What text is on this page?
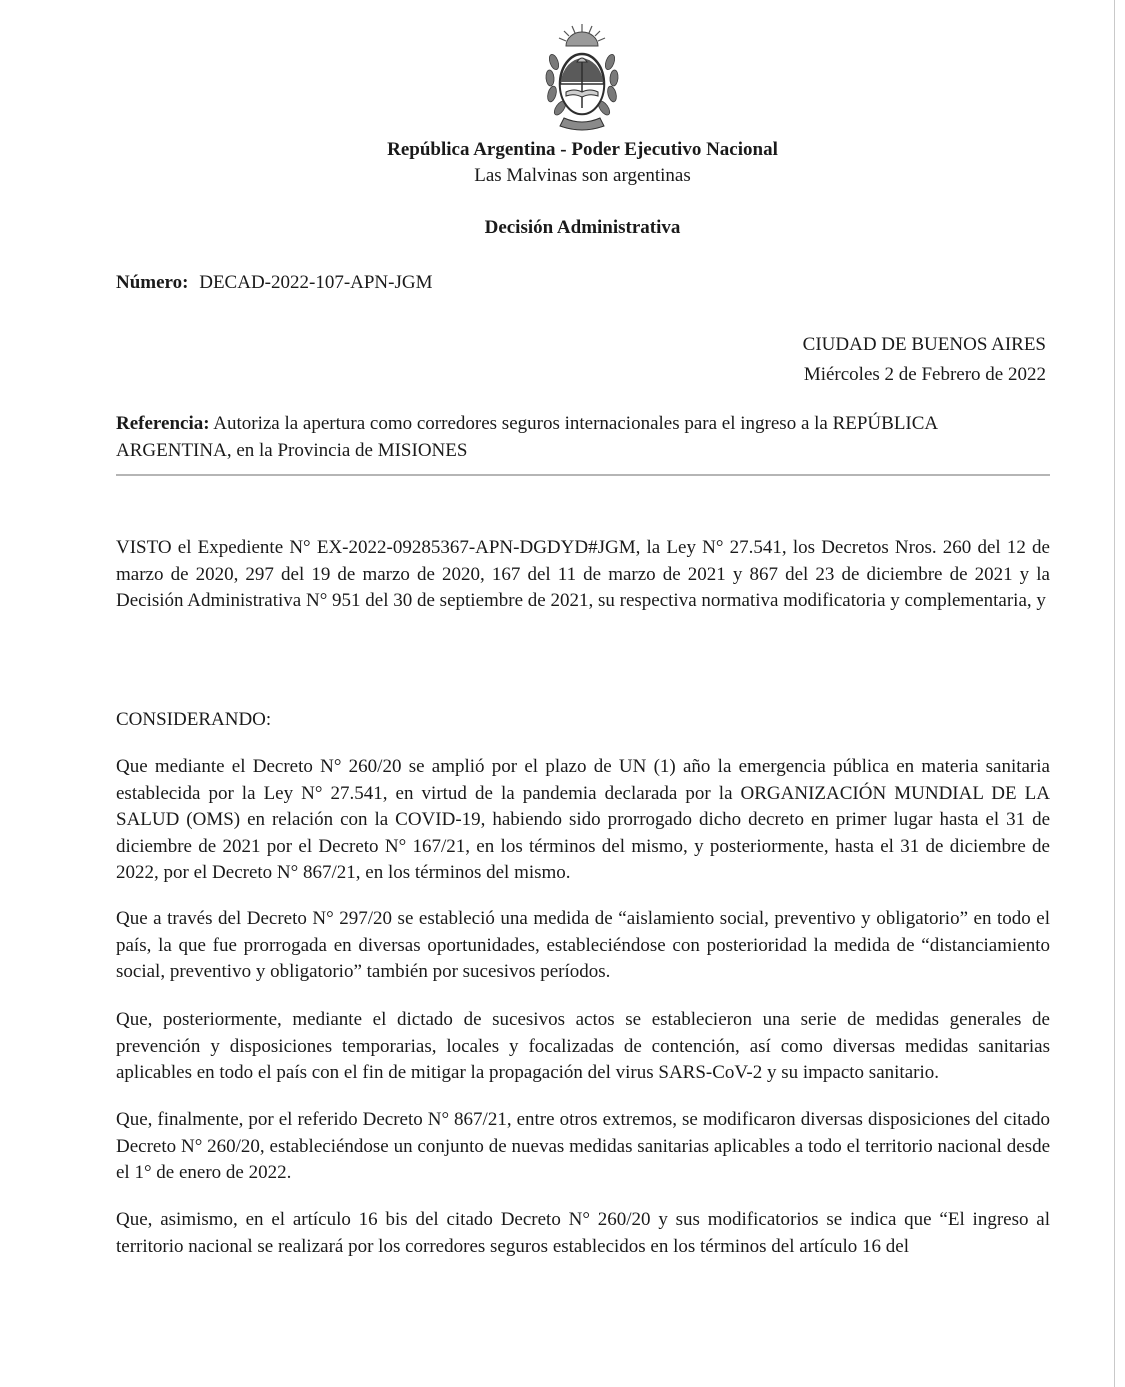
República Argentina - Poder Ejecutivo Nacional
Las Malvinas son argentinas
Decisión Administrativa
Número: DECAD-2022-107-APN-JGM
CIUDAD DE BUENOS AIRES
Miércoles 2 de Febrero de 2022
Referencia: Autoriza la apertura como corredores seguros internacionales para el ingreso a la REPÚBLICA ARGENTINA, en la Provincia de MISIONES
VISTO el Expediente N° EX-2022-09285367-APN-DGDYD#JGM, la Ley N° 27.541, los Decretos Nros. 260 del 12 de marzo de 2020, 297 del 19 de marzo de 2020, 167 del 11 de marzo de 2021 y 867 del 23 de diciembre de 2021 y la Decisión Administrativa N° 951 del 30 de septiembre de 2021, su respectiva normativa modificatoria y complementaria, y
CONSIDERANDO:
Que mediante el Decreto N° 260/20 se amplió por el plazo de UN (1) año la emergencia pública en materia sanitaria establecida por la Ley N° 27.541, en virtud de la pandemia declarada por la ORGANIZACIÓN MUNDIAL DE LA SALUD (OMS) en relación con la COVID-19, habiendo sido prorrogado dicho decreto en primer lugar hasta el 31 de diciembre de 2021 por el Decreto N° 167/21, en los términos del mismo, y posteriormente, hasta el 31 de diciembre de 2022, por el Decreto N° 867/21, en los términos del mismo.
Que a través del Decreto N° 297/20 se estableció una medida de “aislamiento social, preventivo y obligatorio” en todo el país, la que fue prorrogada en diversas oportunidades, estableciéndose con posterioridad la medida de “distanciamiento social, preventivo y obligatorio” también por sucesivos períodos.
Que, posteriormente, mediante el dictado de sucesivos actos se establecieron una serie de medidas generales de prevención y disposiciones temporarias, locales y focalizadas de contención, así como diversas medidas sanitarias aplicables en todo el país con el fin de mitigar la propagación del virus SARS-CoV-2 y su impacto sanitario.
Que, finalmente, por el referido Decreto N° 867/21, entre otros extremos, se modificaron diversas disposiciones del citado Decreto N° 260/20, estableciéndose un conjunto de nuevas medidas sanitarias aplicables a todo el territorio nacional desde el 1° de enero de 2022.
Que, asimismo, en el artículo 16 bis del citado Decreto N° 260/20 y sus modificatorios se indica que “El ingreso al territorio nacional se realizará por los corredores seguros establecidos en los términos del artículo 16 del
